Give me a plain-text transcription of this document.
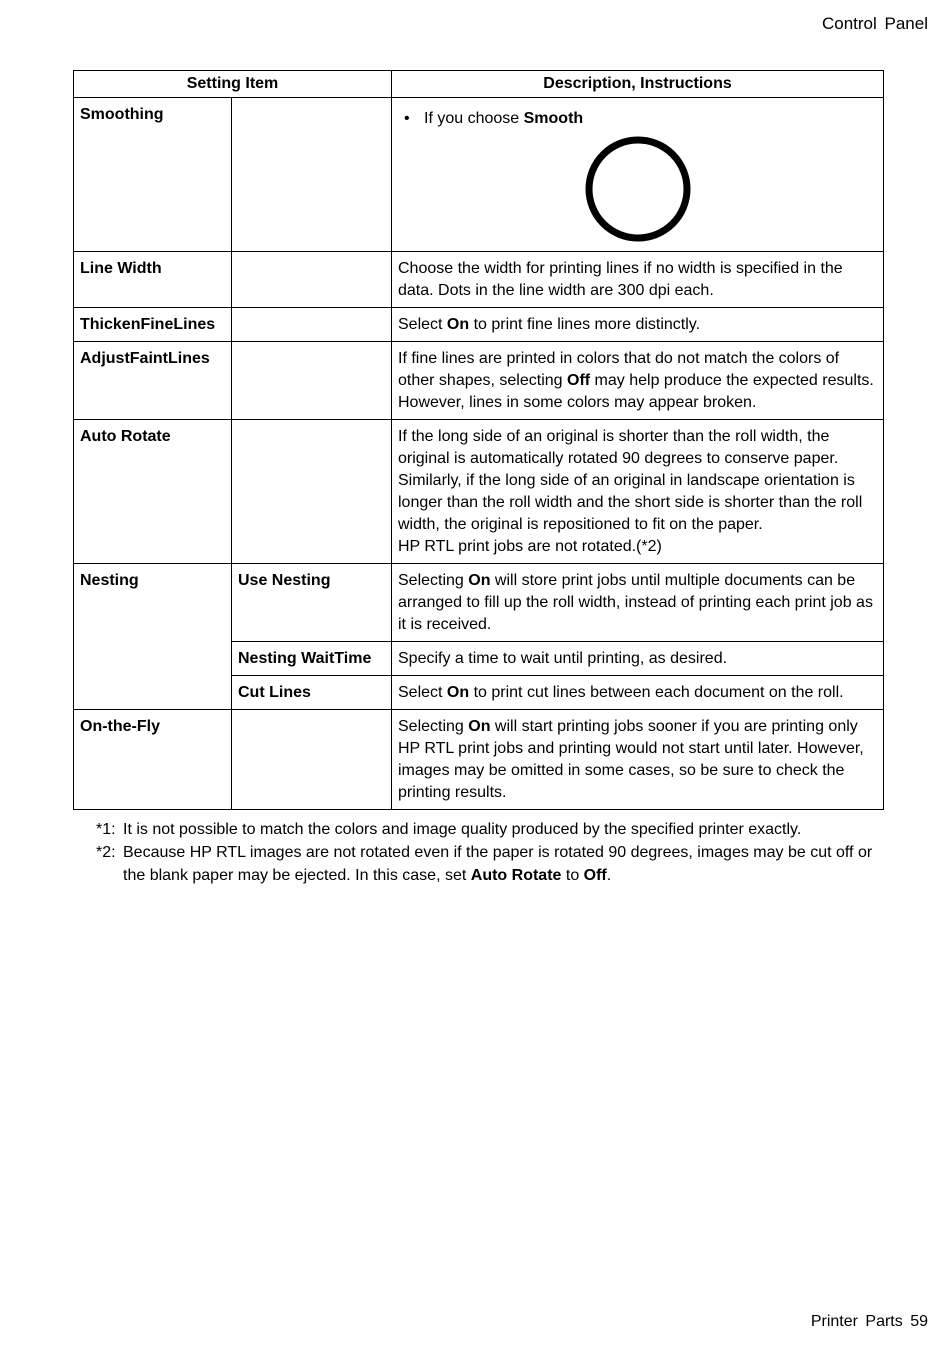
Control Panel
Setting Item		Description, Instructions
Smoothing		• If you choose Smooth

Line Width		Choose the width for printing lines if no width is specified in the data. Dots in the line width are 300 dpi each.
ThickenFineLines		Select On to print fine lines more distinctly.
AdjustFaintLines		If fine lines are printed in colors that do not match the colors of other shapes, selecting Off may help produce the expected results. However, lines in some colors may appear broken.
Auto Rotate		If the long side of an original is shorter than the roll width, the original is automatically rotated 90 degrees to conserve paper. Similarly, if the long side of an original in landscape orientation is longer than the roll width and the short side is shorter than the roll width, the original is repositioned to fit on the paper.
HP RTL print jobs are not rotated.(*2)

Nesting	Use Nesting	Selecting On will store print jobs until multiple documents can be arranged to fill up the roll width, instead of printing each print job as it is received.
	Nesting WaitTime	Specify a time to wait until printing, as desired.
	Cut Lines	Select On to print cut lines between each document on the roll.
On-the-Fly		Selecting On will start printing jobs sooner if you are printing only HP RTL print jobs and printing would not start until later. However, images may be omitted in some cases, so be sure to check the printing results.
*1: It is not possible to match the colors and image quality produced by the specified printer exactly.
*2: Because HP RTL images are not rotated even if the paper is rotated 90 degrees, images may be cut off or the blank paper may be ejected. In this case, set Auto Rotate to Off.
Printer Parts 59
